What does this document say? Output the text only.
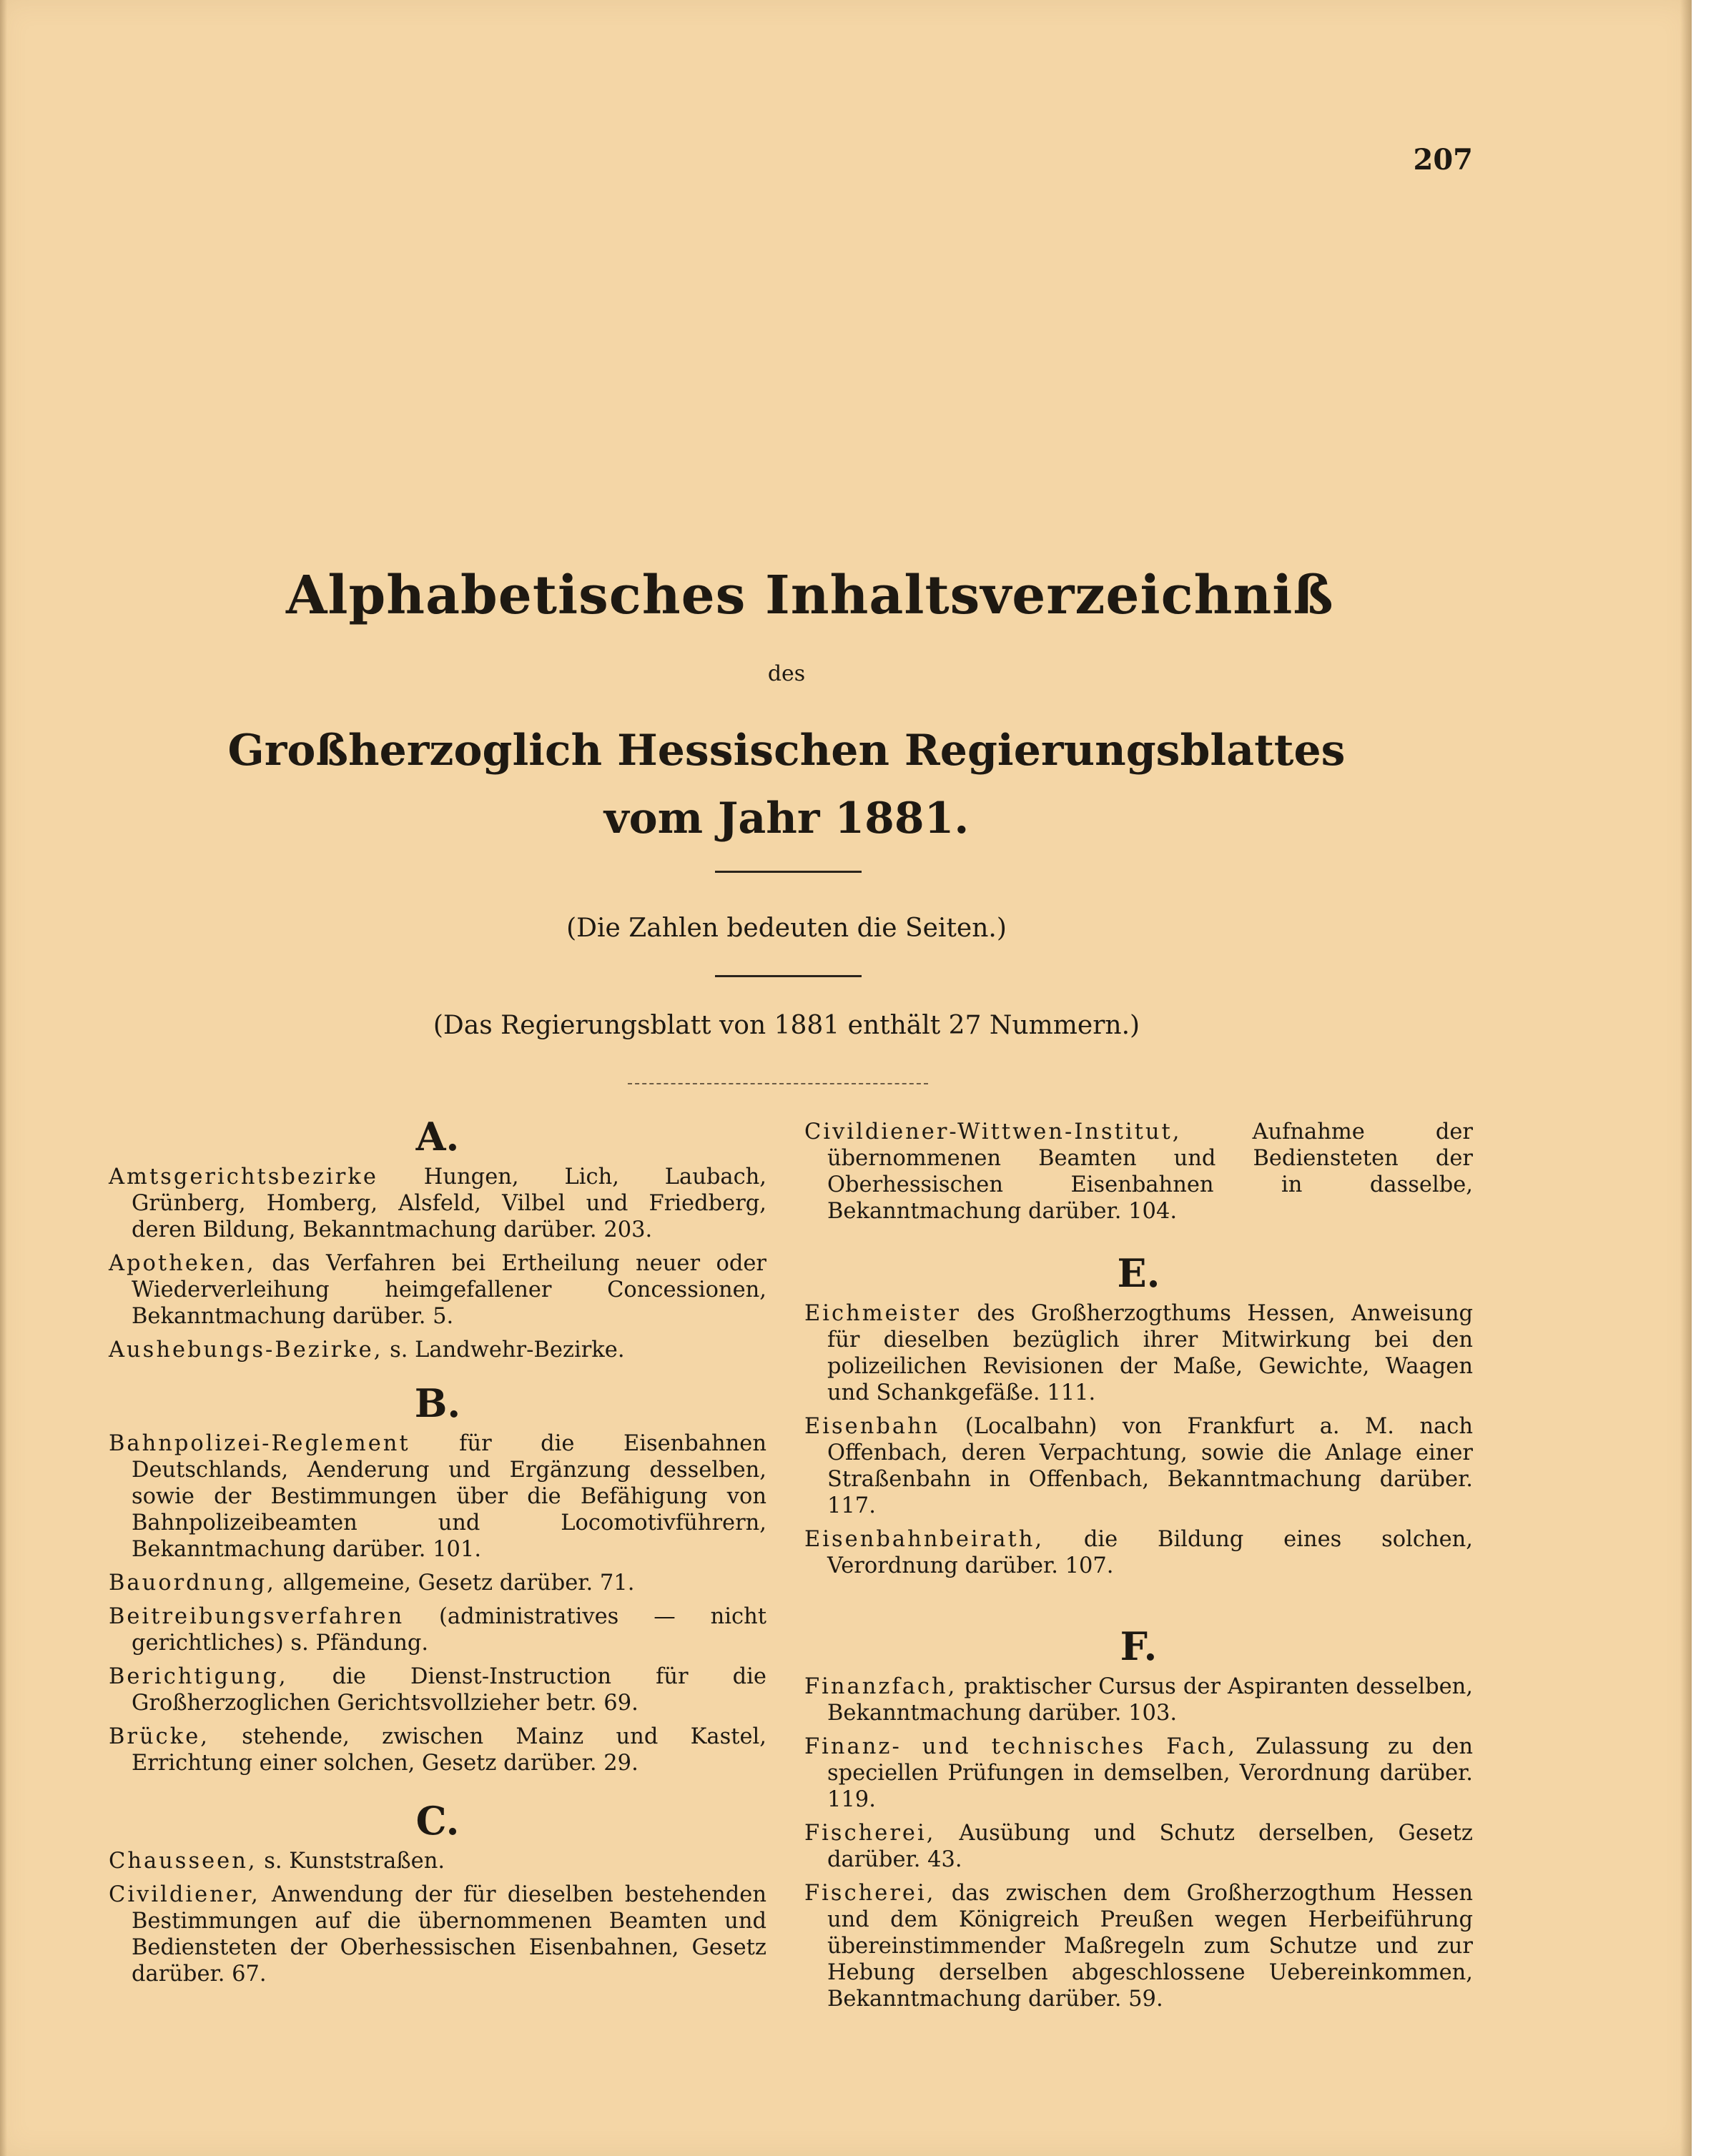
207
Alphabetisches Inhaltsverzeichniß
des
Großherzoglich Hessischen Regierungsblattes
vom Jahr 1881.
(Die Zahlen bedeuten die Seiten.)
(Das Regierungsblatt von 1881 enthält 27 Nummern.)
A.
Amtsgerichtsbezirke Hungen, Lich, Laubach, Grünberg, Homberg, Alsfeld, Vilbel und Friedberg, deren Bildung, Bekanntmachung darüber. 203.
Apotheken, das Verfahren bei Ertheilung neuer oder Wiederverleihung heimgefallener Concessionen, Bekanntmachung darüber. 5.
Aushebungs-Bezirke, s. Landwehr-Bezirke.
B.
Bahnpolizei-Reglement für die Eisenbahnen Deutschlands, Aenderung und Ergänzung desselben, sowie der Bestimmungen über die Befähigung von Bahnpolizeibeamten und Locomotivführern, Bekanntmachung darüber. 101.
Bauordnung, allgemeine, Gesetz darüber. 71.
Beitreibungsverfahren (administratives — nicht gerichtliches) s. Pfändung.
Berichtigung, die Dienst-Instruction für die Großherzoglichen Gerichtsvollzieher betr. 69.
Brücke, stehende, zwischen Mainz und Kastel, Errichtung einer solchen, Gesetz darüber. 29.
C.
Chausseen, s. Kunststraßen.
Civildiener, Anwendung der für dieselben bestehenden Bestimmungen auf die übernommenen Beamten und Bediensteten der Oberhessischen Eisenbahnen, Gesetz darüber. 67.
Civildiener-Wittwen-Institut, Aufnahme der übernommenen Beamten und Bediensteten der Oberhessischen Eisenbahnen in dasselbe, Bekanntmachung darüber. 104.
E.
Eichmeister des Großherzogthums Hessen, Anweisung für dieselben bezüglich ihrer Mitwirkung bei den polizeilichen Revisionen der Maße, Gewichte, Waagen und Schankgefäße. 111.
Eisenbahn (Localbahn) von Frankfurt a. M. nach Offenbach, deren Verpachtung, sowie die Anlage einer Straßenbahn in Offenbach, Bekanntmachung darüber. 117.
Eisenbahnbeirath, die Bildung eines solchen, Verordnung darüber. 107.
F.
Finanzfach, praktischer Cursus der Aspiranten desselben, Bekanntmachung darüber. 103.
Finanz- und technisches Fach, Zulassung zu den speciellen Prüfungen in demselben, Verordnung darüber. 119.
Fischerei, Ausübung und Schutz derselben, Gesetz darüber. 43.
Fischerei, das zwischen dem Großherzogthum Hessen und dem Königreich Preußen wegen Herbeiführung übereinstimmender Maßregeln zum Schutze und zur Hebung derselben abgeschlossene Uebereinkommen, Bekanntmachung darüber. 59.
